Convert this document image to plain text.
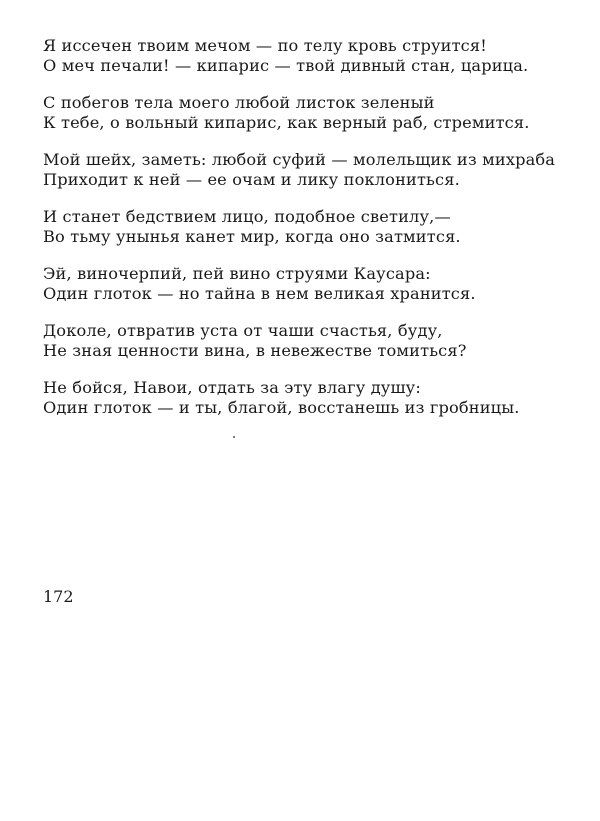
Я иссечен твоим мечом — по телу кровь струится!
О меч печали! — кипарис — твой дивный стан, царица.
С побегов тела моего любой листок зеленый
К тебе, о вольный кипарис, как верный раб, стремится.
Мой шейх, заметь: любой суфий — молельщик из михраба
Приходит к ней — ее очам и лику поклониться.
И станет бедствием лицо, подобное светилу,—
Во тьму унынья канет мир, когда оно затмится.
Эй, виночерпий, пей вино струями Каусара:
Один глоток — но тайна в нем великая хранится.
Доколе, отвратив уста от чаши счастья, буду,
Не зная ценности вина, в невежестве томиться?
Не бойся, Навои, отдать за эту влагу душу:
Один глоток — и ты, благой, восстанешь из гробницы.
172
